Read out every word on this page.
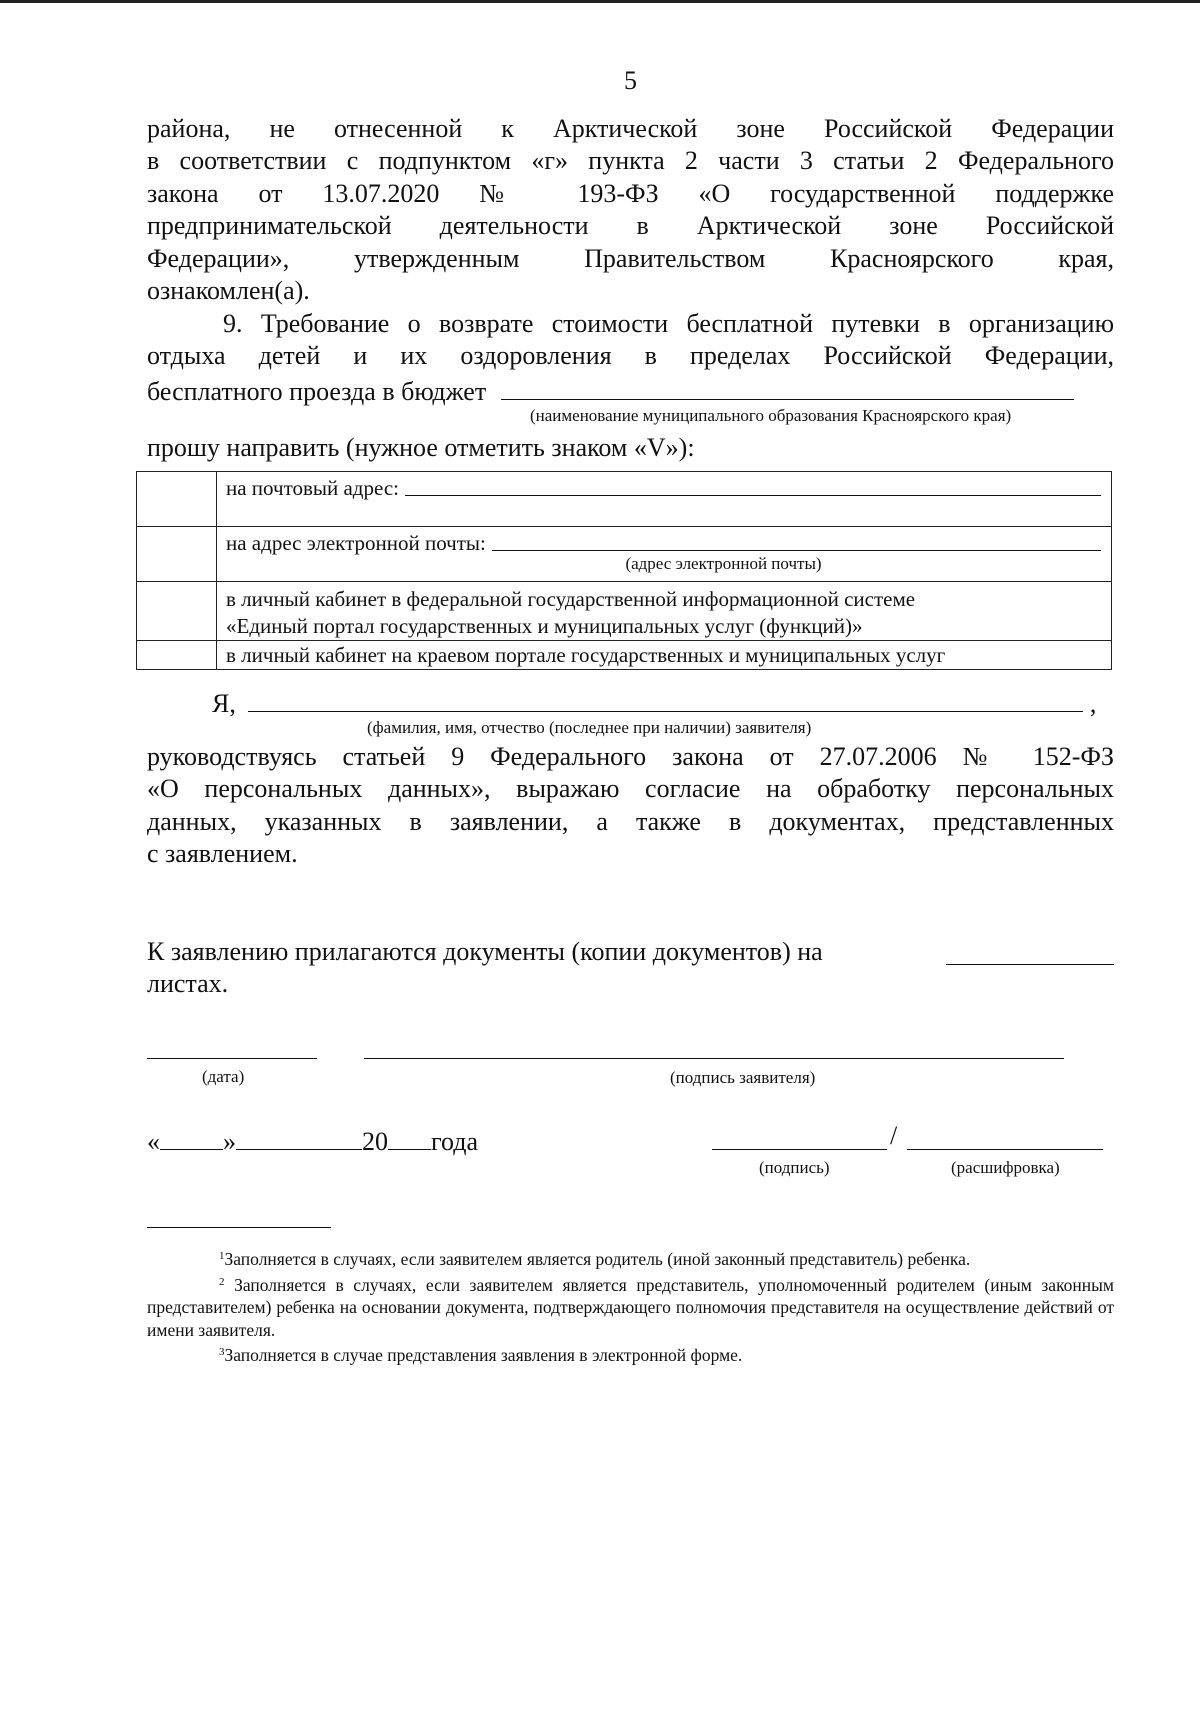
5
района, не отнесенной к Арктической зоне Российской Федерации
в соответствии с подпунктом «г» пункта 2 части 3 статьи 2 Федерального
закона от 13.07.2020 № 193-ФЗ «О государственной поддержке
предпринимательской деятельности в Арктической зоне Российской
Федерации», утвержденным Правительством Красноярского края,
ознакомлен(а).
9. Требование о возврате стоимости бесплатной путевки в организацию
отдыха детей и их оздоровления в пределах Российской Федерации,
бесплатного проезда в бюджет
(наименование муниципального образования Красноярского края)
прошу направить (нужное отметить знаком «V»):

	на почтовый адрес:

	на адрес электронной почты:
(адрес электронной почты)

	в личный кабинет в федеральной государственной информационной системе
«Единый портал государственных и муниципальных услуг (функций)»

	в личный кабинет на краевом портале государственных и муниципальных услуг
Я,	,
(фамилия, имя, отчество (последнее при наличии) заявителя)
руководствуясь статьей 9 Федерального закона от 27.07.2006 № 152-ФЗ
«О персональных данных», выражаю согласие на обработку персональных
данных, указанных в заявлении, а также в документах, представленных
с заявлением.
К заявлению прилагаются документы (копии документов) на
листах.
(дата)	(подпись заявителя)
« »	20 года	/
(подпись)	(расшифровка)
$^1$Заполняется в случаях, если заявителем является родитель (иной законный представитель) ребенка.
$^2$ Заполняется в случаях, если заявителем является представитель, уполномоченный родителем (иным законным представителем) ребенка на основании документа, подтверждающего полномочия представителя на осуществление действий от имени заявителя.
$^3$Заполняется в случае представления заявления в электронной форме.
